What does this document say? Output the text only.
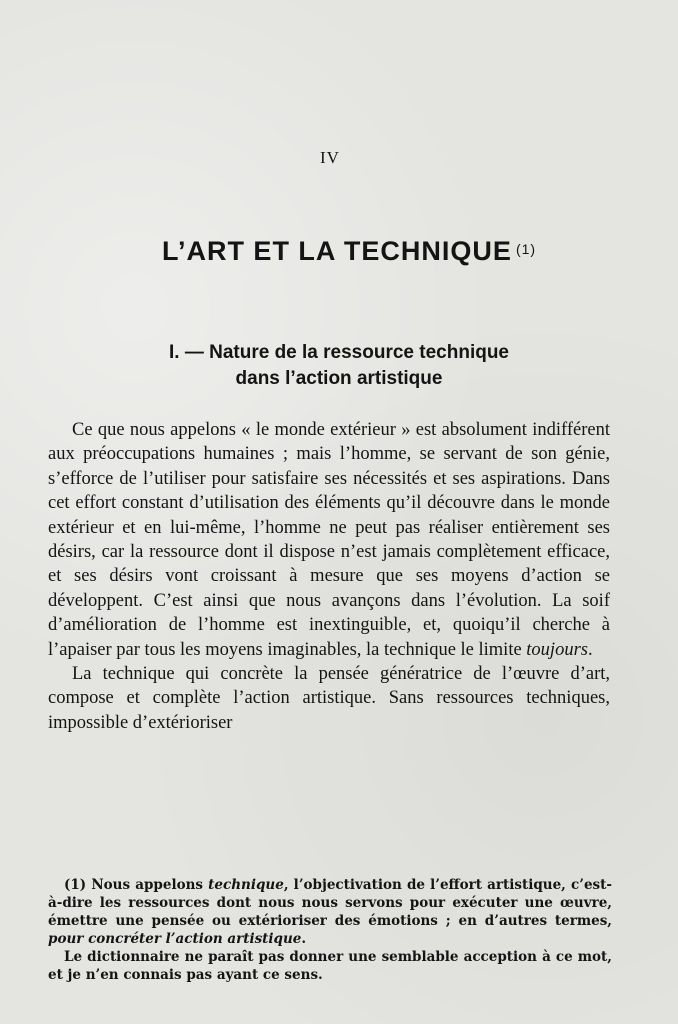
IV
L’ART ET LA TECHNIQUE $^{(1)}$
I. — Nature de la ressource technique
dans l’action artistique

Ce que nous appelons « le monde extérieur » est absolument indifférent aux préoccupations humaines ; mais l’homme, se servant de son génie, s’efforce de l’utiliser pour satisfaire ses nécessités et ses aspirations. Dans cet effort constant d’utilisation des éléments qu’il découvre dans le monde extérieur et en lui-même, l’homme ne peut pas réaliser entièrement ses désirs, car la ressource dont il dispose n’est jamais complètement efficace, et ses désirs vont croissant à mesure que ses moyens d’action se développent. C’est ainsi que nous avançons dans l’évolution. La soif d’amélioration de l’homme est inextinguible, et, quoiqu’il cherche à l’apaiser par tous les moyens imaginables, la technique le limite toujours.

La technique qui concrète la pensée génératrice de l’œuvre d’art, compose et complète l’action artistique. Sans ressources techniques, impossible d’extérioriser

(1) Nous appelons technique, l’objectivation de l’effort artistique, c’est-à-dire les ressources dont nous nous servons pour exécuter une œuvre, émettre une pensée ou extérioriser des émotions ; en d’autres termes, pour concréter l’action artistique.

Le dictionnaire ne paraît pas donner une semblable acception à ce mot, et je n’en connais pas ayant ce sens.
